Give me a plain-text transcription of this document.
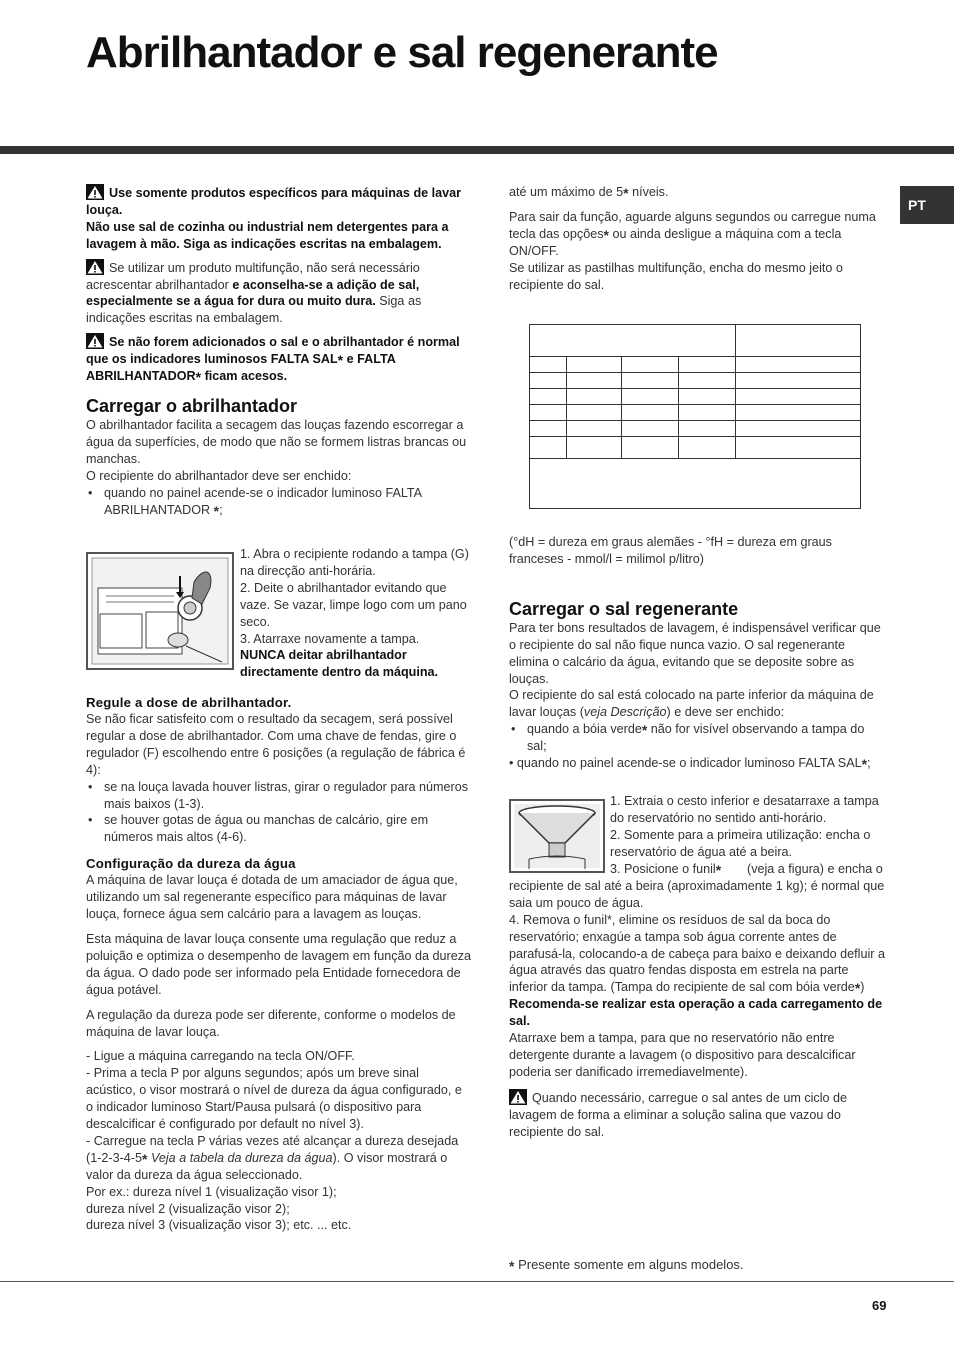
Abrilhantador e sal regenerante
PT

Use somente produtos específicos para máquinas de lavar louça.

Não use sal de cozinha ou industrial nem detergentes para a lavagem à mão. Siga as indicações escritas na embalagem.

Se utilizar um produto multifunção, não será necessário acrescentar abrilhantador e aconselha-se a adição de sal, especialmente se a água for dura ou muito dura. Siga as indicações escritas na embalagem.

Se não forem adicionados o sal e o abrilhantador é normal que os indicadores luminosos FALTA SAL* e FALTA ABRILHANTADOR* ficam acesos.

Carregar o abrilhantador

O abrilhantador facilita a secagem das louças fazendo escorregar a água da superfícies, de modo que não se formem listras brancas ou manchas.

O recipiente do abrilhantador deve ser enchido:

• quando no painel acende-se o indicador luminoso FALTA ABRILHANTADOR *;

1. Abra o recipiente rodando a tampa (G) na direcção anti-horária.

2. Deite o abrilhantador evitando que vaze. Se vazar, limpe logo com um pano seco.

3. Atarraxe novamente a tampa.

NUNCA deitar abrilhantador directamente dentro da máquina.

Regule a dose de abrilhantador.

Se não ficar satisfeito com o resultado da secagem, será possível regular a dose de abrilhantador. Com uma chave de fendas, gire o regulador (F) escolhendo entre 6 posições (a regulação de fábrica é 4):

• se na louça lavada houver listras, girar o regulador para números mais baixos (1-3).

• se houver gotas de água ou manchas de calcário, gire em números mais altos (4-6).

Configuração da dureza da água

A máquina de lavar louça é dotada de um amaciador de água que, utilizando um sal regenerante específico para máquinas de lavar louça, fornece água sem calcário para a lavagem as louças.

Esta máquina de lavar louça consente uma regulação que reduz a poluição e optimiza o desempenho de lavagem em função da dureza da água. O dado pode ser informado pela Entidade fornecedora de água potável.

A regulação da dureza pode ser diferente, conforme o modelos de máquina de lavar louça.

- Ligue a máquina carregando na tecla ON/OFF.

- Prima a tecla P por alguns segundos; após um breve sinal acústico, o visor mostrará o nível de dureza da água configurado, e o indicador luminoso Start/Pausa pulsará (o dispositivo para descalcificar é configurado por default no nível 3).

- Carregue na tecla P várias vezes até alcançar a dureza desejada (1-2-3-4-5* Veja a tabela da dureza da água). O visor mostrará o valor da dureza da água seleccionado.

Por ex.: dureza nível 1 (visualização visor 1);

dureza nível 2 (visualização visor 2);

dureza nível 3 (visualização visor 3); etc. ... etc.

até um máximo de 5* níveis.

Para sair da função, aguarde alguns segundos ou carregue numa tecla das opções* ou ainda desligue a máquina com a tecla ON/OFF.

Se utilizar as pastilhas multifunção, encha do mesmo jeito o recipiente do sal.

(°dH = dureza em graus alemães - °fH = dureza em graus franceses - mmol/l = milimol p/litro)

Carregar o sal regenerante

Para ter bons resultados de lavagem, é indispensável verificar que o recipiente do sal não fique nunca vazio. O sal regenerante elimina o calcário da água, evitando que se deposite sobre as louças.

O recipiente do sal está colocado na parte inferior da máquina de lavar louças (veja Descrição) e deve ser enchido:

• quando a bóia verde* não for visível observando a tampa do sal;

• quando no painel acende-se o indicador luminoso FALTA SAL*;

1. Extraia o cesto inferior e desatarraxe a tampa do reservatório no sentido anti-horário.

2. Somente para a primeira utilização: encha o reservatório de água até a beira.

3. Posicione o funil*	(veja a figura) e encha o recipiente de sal até a beira (aproximadamente 1 kg); é normal que saia um pouco de água.

4. Remova o funil*, elimine os resíduos de sal da boca do reservatório; enxagúe a tampa sob água corrente antes de parafusá-la, colocando-a de cabeça para baixo e deixando defluir a água através das quatro fendas disposta em estrela na parte inferior da tampa. (Tampa do recipiente de sal com bóia verde*)

Recomenda-se realizar esta operação a cada carregamento de sal.

Atarraxe bem a tampa, para que no reservatório não entre detergente durante a lavagem (o dispositivo para descalcificar poderia ser danificado irremediavelmente).

Quando necessário, carregue o sal antes de um ciclo de lavagem de forma a eliminar a solução salina que vazou do recipiente do sal.

* Presente somente em alguns modelos.

69
